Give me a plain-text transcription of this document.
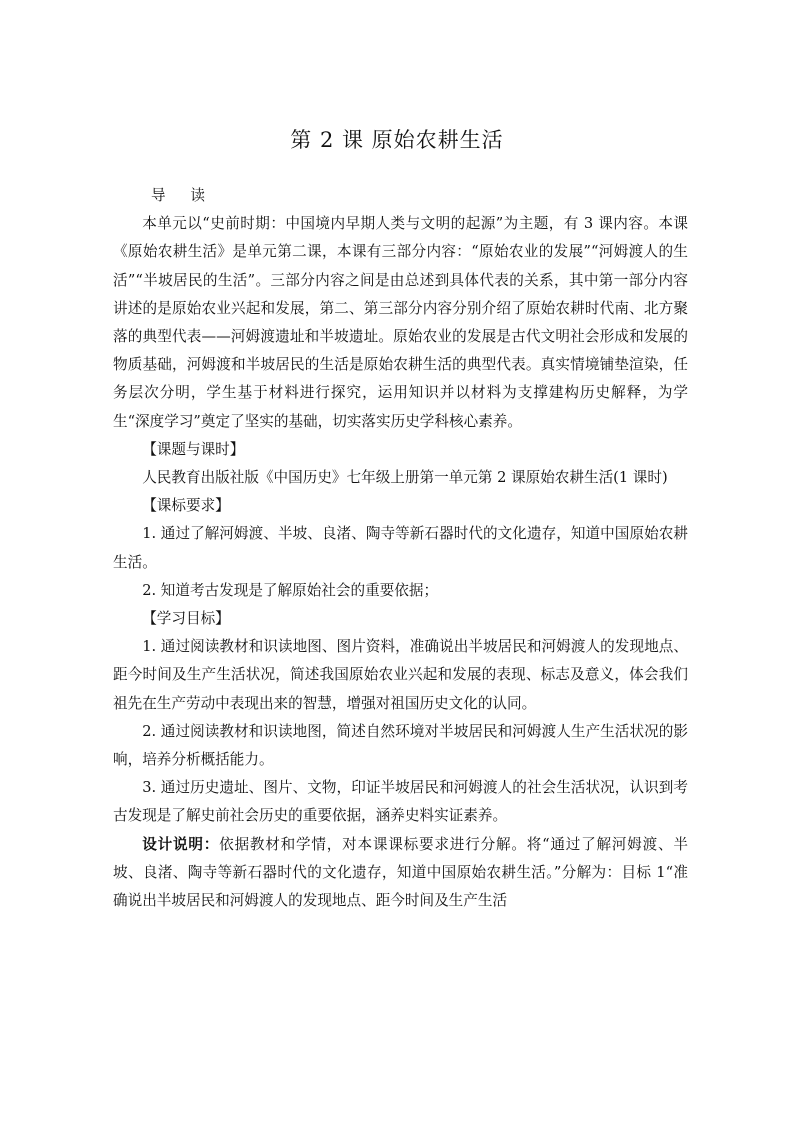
第 2 课 原始农耕生活

导 读

本单元以“史前时期：中国境内早期人类与文明的起源”为主题，有 3 课内容。本课《原始农耕生活》是单元第二课，本课有三部分内容：“原始农业的发展”“河姆渡人的生活”“半坡居民的生活”。三部分内容之间是由总述到具体代表的关系，其中第一部分内容讲述的是原始农业兴起和发展，第二、第三部分内容分别介绍了原始农耕时代南、北方聚落的典型代表——河姆渡遗址和半坡遗址。原始农业的发展是古代文明社会形成和发展的物质基础，河姆渡和半坡居民的生活是原始农耕生活的典型代表。真实情境铺垫渲染，任务层次分明，学生基于材料进行探究，运用知识并以材料为支撑建构历史解释，为学生“深度学习”奠定了坚实的基础，切实落实历史学科核心素养。

【课题与课时】

人民教育出版社版《中国历史》七年级上册第一单元第 2 课原始农耕生活(1 课时)

【课标要求】

1. 通过了解河姆渡、半坡、良渚、陶寺等新石器时代的文化遗存，知道中国原始农耕生活。

2. 知道考古发现是了解原始社会的重要依据；

【学习目标】

1. 通过阅读教材和识读地图、图片资料，准确说出半坡居民和河姆渡人的发现地点、距今时间及生产生活状况，简述我国原始农业兴起和发展的表现、标志及意义，体会我们祖先在生产劳动中表现出来的智慧，增强对祖国历史文化的认同。

2. 通过阅读教材和识读地图，简述自然环境对半坡居民和河姆渡人生产生活状况的影响，培养分析概括能力。

3. 通过历史遗址、图片、文物，印证半坡居民和河姆渡人的社会生活状况，认识到考古发现是了解史前社会历史的重要依据，涵养史料实证素养。

设计说明：依据教材和学情，对本课课标要求进行分解。将“通过了解河姆渡、半坡、良渚、陶寺等新石器时代的文化遗存，知道中国原始农耕生活。”分解为：目标 1“准确说出半坡居民和河姆渡人的发现地点、距今时间及生产生活
